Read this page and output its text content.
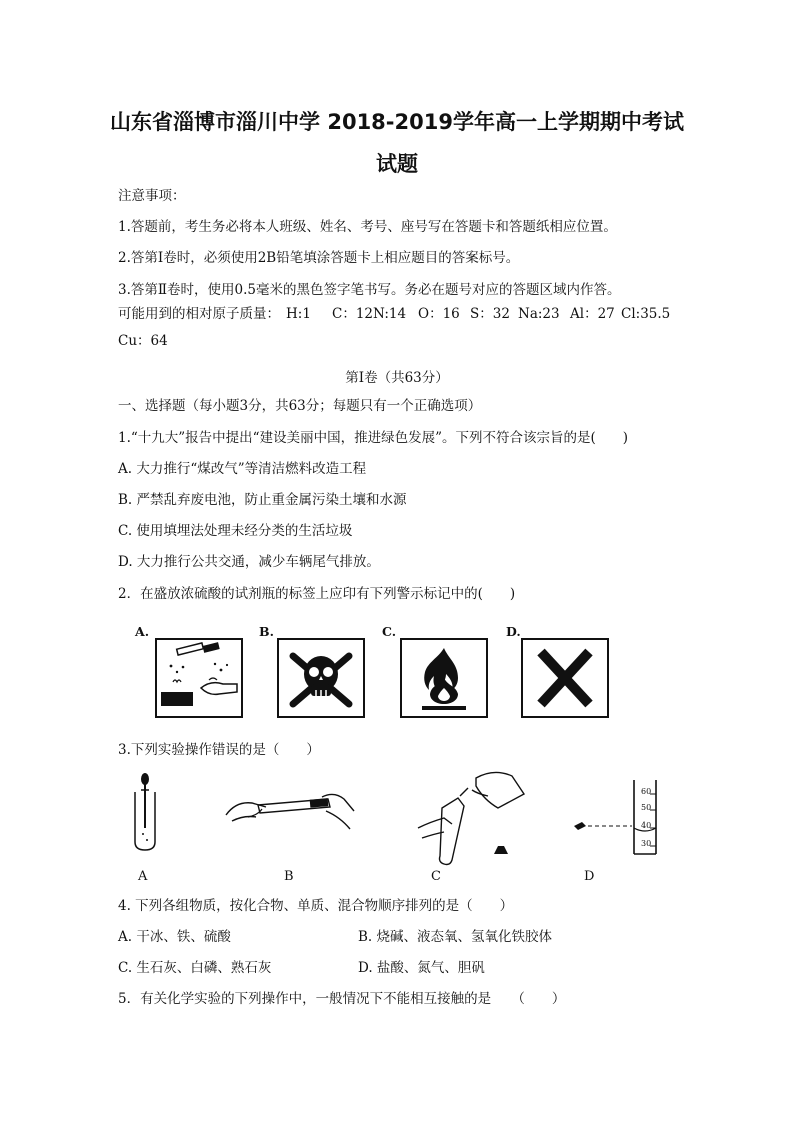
山东省淄博市淄川中学 2018-2019学年高一上学期期中考试
试题
注意事项：
1.答题前，考生务必将本人班级、姓名、考号、座号写在答题卡和答题纸相应位置。
2.答第Ⅰ卷时，必须使用2B铅笔填涂答题卡上相应题目的答案标号。
3.答第Ⅱ卷时，使用0.5毫米的黑色签字笔书写。务必在题号对应的答题区域内作答。
可能用到的相对原子质量： H:1 C：12 N:14 O：16 S：32 Na:23 Al：27 Cl:35.5
Cu：64
第Ⅰ卷（共63分）
一、选择题（每小题3分，共63分；每题只有一个正确选项）
1.“十九大”报告中提出“建设美丽中国，推进绿色发展”。下列不符合该宗旨的是(　　)
A. 大力推行“煤改气”等清洁燃料改造工程
B. 严禁乱弃废电池，防止重金属污染土壤和水源
C. 使用填埋法处理未经分类的生活垃圾
D. 大力推行公共交通，减少车辆尾气排放。
2．在盛放浓硫酸的试剂瓶的标签上应印有下列警示标记中的(　　)
A.	B.	C.	D.
3.下列实验操作错误的是（　　）
60
50
40
30
A	B	C	D
4. 下列各组物质，按化合物、单质、混合物顺序排列的是（　　）
A. 干冰、铁、硫酸	B. 烧碱、液态氧、氢氧化铁胶体
C. 生石灰、白磷、熟石灰	D. 盐酸、氮气、胆矾
5．有关化学实验的下列操作中，一般情况下不能相互接触的是　　（　　）
